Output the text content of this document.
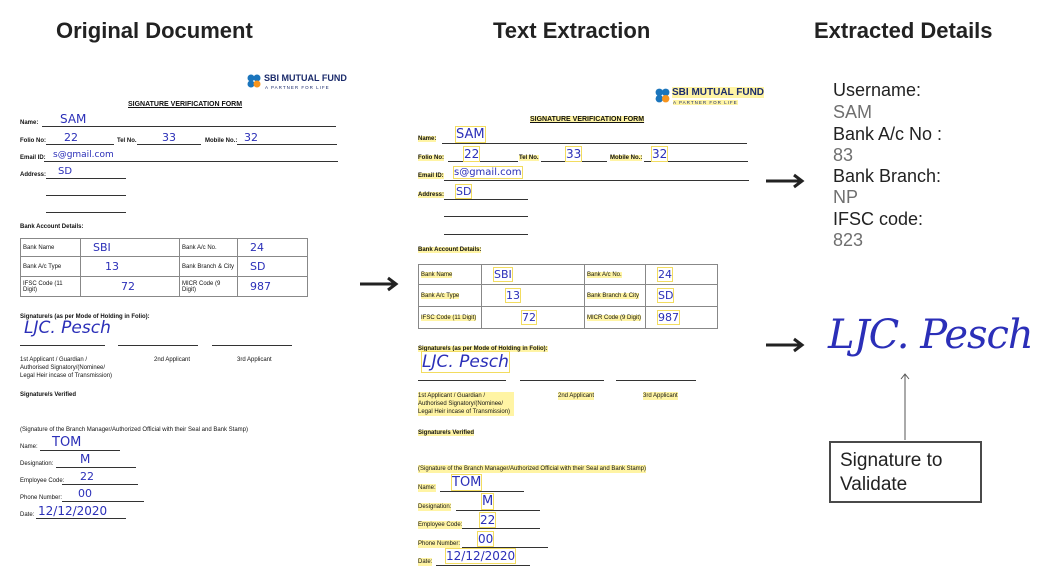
Original Document	Text Extraction	Extracted Details
SBI MUTUAL FUND
A PARTNER FOR LIFE
SIGNATURE VERIFICATION FORM
Name: SAM
Folio No: 22	Tel No. 33	Mobile No.: 32
Email ID: s@gmail.com
Address: SD
Bank Account Details:
Bank Name	SBI	Bank A/c No.	24
Bank A/c Type	13	Bank Branch & City	SD
IFSC Code (11 Digit)	72	MICR Code (9 Digit)	987
Signature/s (as per Mode of Holding in Folio):
LJC. Pesch
1st Applicant / Guardian / Authorised Signatory/(Nominee/ Legal Heir incase of Transmission)
2nd Applicant	3rd Applicant
Signature/s Verified
(Signature of the Branch Manager/Authorized Official with their Seal and Bank Stamp)
Name: TOM
Designation: M
Employee Code: 22
Phone Number: 00
Date: 12/12/2020
SBI MUTUAL FUND
A PARTNER FOR LIFE
SIGNATURE VERIFICATION FORM
Name: SAM
Folio No: 22	Tel No. 33	Mobile No.: 32
Email ID: s@gmail.com
Address: SD
Bank Account Details:
Bank Name	SBI	Bank A/c No.	24
Bank A/c Type	13	Bank Branch & City	SD
IFSC Code (11 Digit)	72	MICR Code (9 Digit)	987
Signature/s (as per Mode of Holding in Folio):
LJC. Pesch
1st Applicant / Guardian / Authorised Signatory/(Nominee/ Legal Heir incase of Transmission)
2nd Applicant	3rd Applicant
Signature/s Verified
(Signature of the Branch Manager/Authorized Official with their Seal and Bank Stamp)
Name: TOM
Designation: M
Employee Code: 22
Phone Number: 00
Date: 12/12/2020
Username:
SAM
Bank A/c No :
83
Bank Branch:
NP
IFSC code:
823
LJC. Pesch
Signature to Validate
